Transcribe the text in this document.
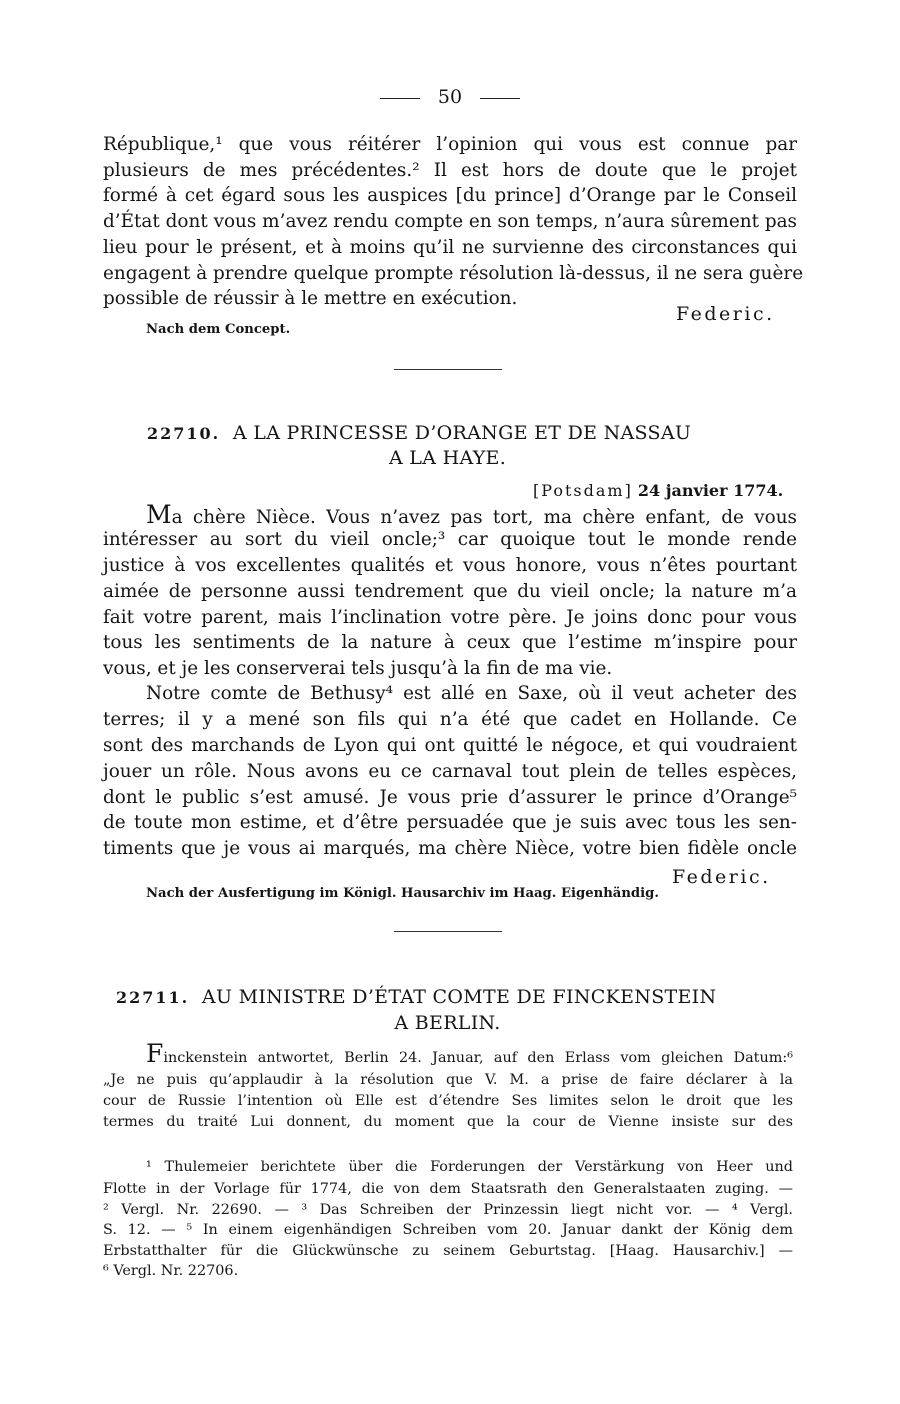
50
République,¹ que vous réitérer l’opinion qui vous est connue par
plusieurs de mes précédentes.² Il est hors de doute que le projet
formé à cet égard sous les auspices [du prince] d’Orange par le Conseil
d’État dont vous m’avez rendu compte en son temps, n’aura sûrement pas
lieu pour le présent, et à moins qu’il ne survienne des circonstances qui
engagent à prendre quelque prompte résolution là-dessus, il ne sera guère
possible de réussir à le mettre en exécution.
Federic.
Nach dem Concept.
22710. A LA PRINCESSE D’ORANGE ET DE NASSAU
A LA HAYE.
[Potsdam] 24 janvier 1774.
Ma chère Nièce. Vous n’avez pas tort, ma chère enfant, de vous
intéresser au sort du vieil oncle;³ car quoique tout le monde rende
justice à vos excellentes qualités et vous honore, vous n’êtes pourtant
aimée de personne aussi tendrement que du vieil oncle; la nature m’a
fait votre parent, mais l’inclination votre père. Je joins donc pour vous
tous les sentiments de la nature à ceux que l’estime m’inspire pour
vous, et je les conserverai tels jusqu’à la fin de ma vie.
Notre comte de Bethusy⁴ est allé en Saxe, où il veut acheter des
terres; il y a mené son fils qui n’a été que cadet en Hollande. Ce
sont des marchands de Lyon qui ont quitté le négoce, et qui voudraient
jouer un rôle. Nous avons eu ce carnaval tout plein de telles espèces,
dont le public s’est amusé. Je vous prie d’assurer le prince d’Orange⁵
de toute mon estime, et d’être persuadée que je suis avec tous les sen-
timents que je vous ai marqués, ma chère Nièce, votre bien fidèle oncle
Federic.
Nach der Ausfertigung im Königl. Hausarchiv im Haag. Eigenhändig.
22711. AU MINISTRE D’ÉTAT COMTE DE FINCKENSTEIN
A BERLIN.
Finckenstein antwortet, Berlin 24. Januar, auf den Erlass vom gleichen Datum:⁶
„Je ne puis qu’applaudir à la résolution que V. M. a prise de faire déclarer à la
cour de Russie l’intention où Elle est d’étendre Ses limites selon le droit que les
termes du traité Lui donnent, du moment que la cour de Vienne insiste sur des
¹ Thulemeier berichtete über die Forderungen der Verstärkung von Heer und
Flotte in der Vorlage für 1774, die von dem Staatsrath den Generalstaaten zuging. —
² Vergl. Nr. 22690. — ³ Das Schreiben der Prinzessin liegt nicht vor. — ⁴ Vergl.
S. 12. — ⁵ In einem eigenhändigen Schreiben vom 20. Januar dankt der König dem
Erbstatthalter für die Glückwünsche zu seinem Geburtstag. [Haag. Hausarchiv.] —
⁶ Vergl. Nr. 22706.
